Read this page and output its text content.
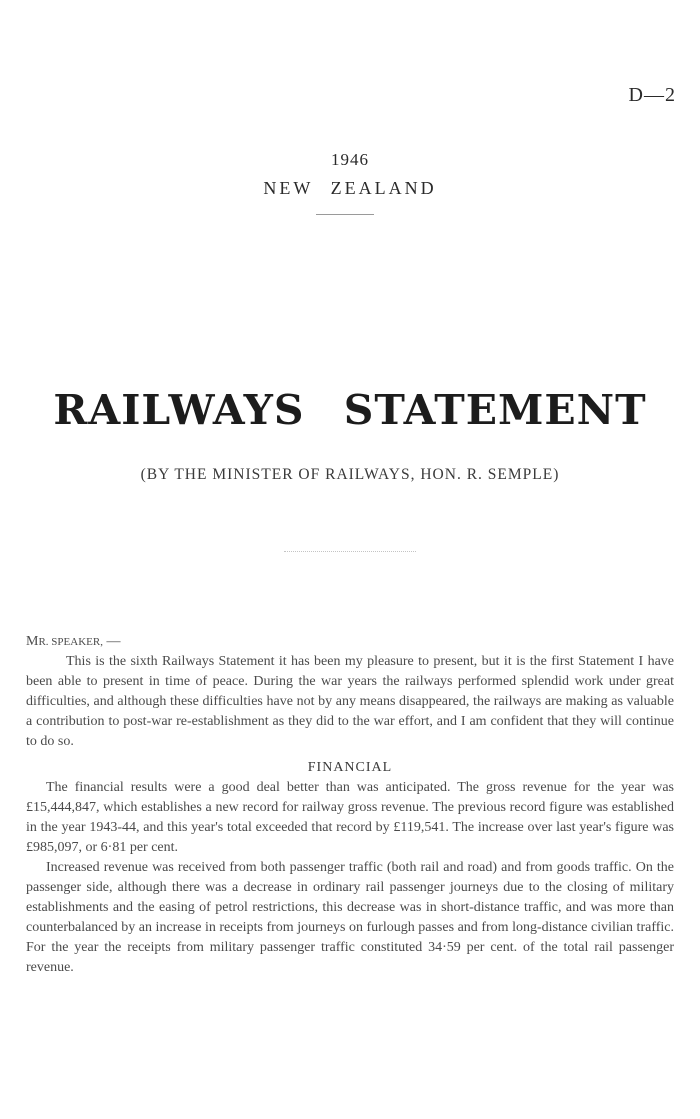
D—2
1946
NEW ZEALAND
RAILWAYS STATEMENT
(BY THE MINISTER OF RAILWAYS, HON. R. SEMPLE)

MR. SPEAKER, —

This is the sixth Railways Statement it has been my pleasure to present, but it is the first Statement I have been able to present in time of peace. During the war years the railways performed splendid work under great difficulties, and although these difficulties have not by any means disappeared, the railways are making as valuable a contribution to post-war re-establishment as they did to the war effort, and I am confident that they will continue to do so.

FINANCIAL

The financial results were a good deal better than was anticipated. The gross revenue for the year was £15,444,847, which establishes a new record for railway gross revenue. The previous record figure was established in the year 1943-44, and this year's total exceeded that record by £119,541. The increase over last year's figure was £985,097, or 6·81 per cent.

Increased revenue was received from both passenger traffic (both rail and road) and from goods traffic. On the passenger side, although there was a decrease in ordinary rail passenger journeys due to the closing of military establishments and the easing of petrol restrictions, this decrease was in short-distance traffic, and was more than counterbalanced by an increase in receipts from journeys on furlough passes and from long-distance civilian traffic. For the year the receipts from military passenger traffic constituted 34·59 per cent. of the total rail passenger revenue.
